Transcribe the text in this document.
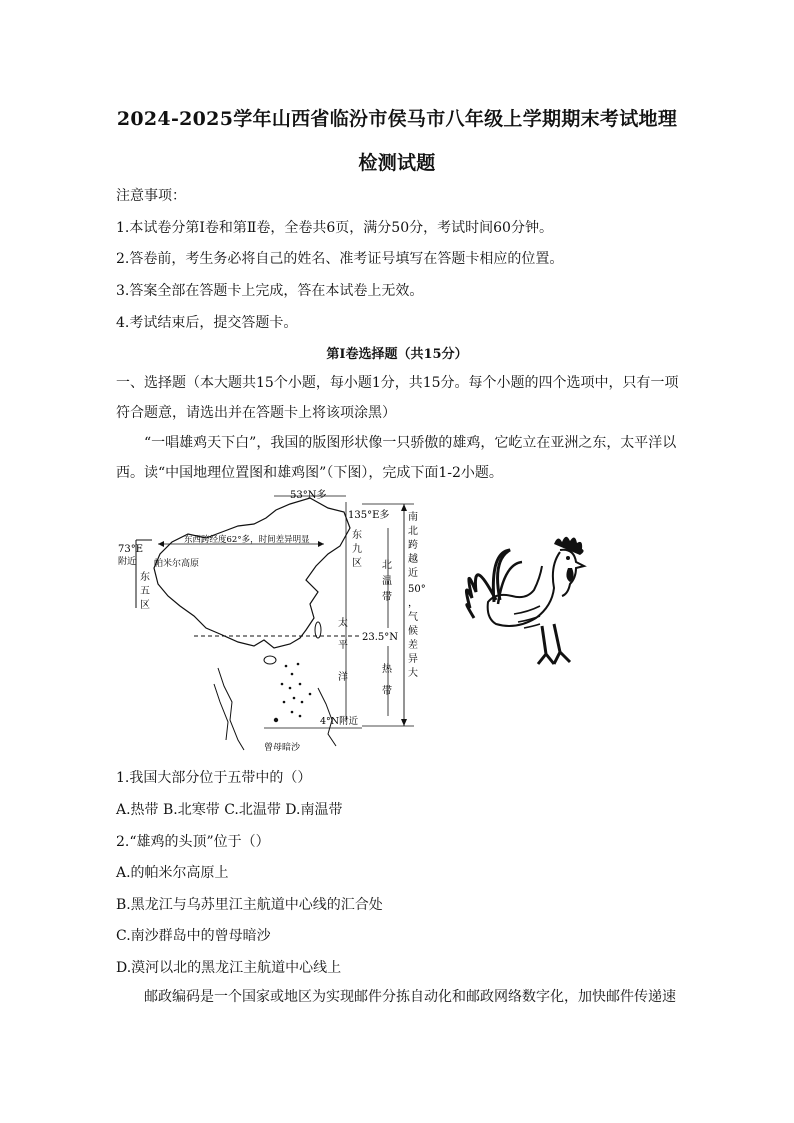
2024-2025学年山西省临汾市侯马市八年级上学期期末考试地理
检测试题
注意事项：
1.本试卷分第Ⅰ卷和第Ⅱ卷，全卷共6页，满分50分，考试时间60分钟。
2.答卷前，考生务必将自己的姓名、准考证号填写在答题卡相应的位置。
3.答案全部在答题卡上完成，答在本试卷上无效。
4.考试结束后，提交答题卡。
第Ⅰ卷选择题（共15分）
一、选择题（本大题共15个小题，每小题1分，共15分。每个小题的四个选项中，只有一项符合题意，请选出并在答题卡上将该项涂黑）
“一唱雄鸡天下白”，我国的版图形状像一只骄傲的雄鸡，它屹立在亚洲之东，太平洋以西。读“中国地理位置图和雄鸡图”（下图），完成下面1-2小题。
53°N多
135°E多
东西跨经度62°多，时间差异明显
73°E
附近 帕米尔高原
东五区
东九区 北温带
太平洋
23.5°N
热带
4°N附近
曾母暗沙
南北跨 越近 50° ，气候 差异大
1.我国大部分位于五带中的（）
A.热带 B.北寒带 C.北温带 D.南温带
2.“雄鸡的头顶”位于（）
A.的帕米尔高原上
B.黑龙江与乌苏里江主航道中心线的汇合处
C.南沙群岛中的曾母暗沙
D.漠河以北的黑龙江主航道中心线上
邮政编码是一个国家或地区为实现邮件分拣自动化和邮政网络数字化，加快邮件传递速
